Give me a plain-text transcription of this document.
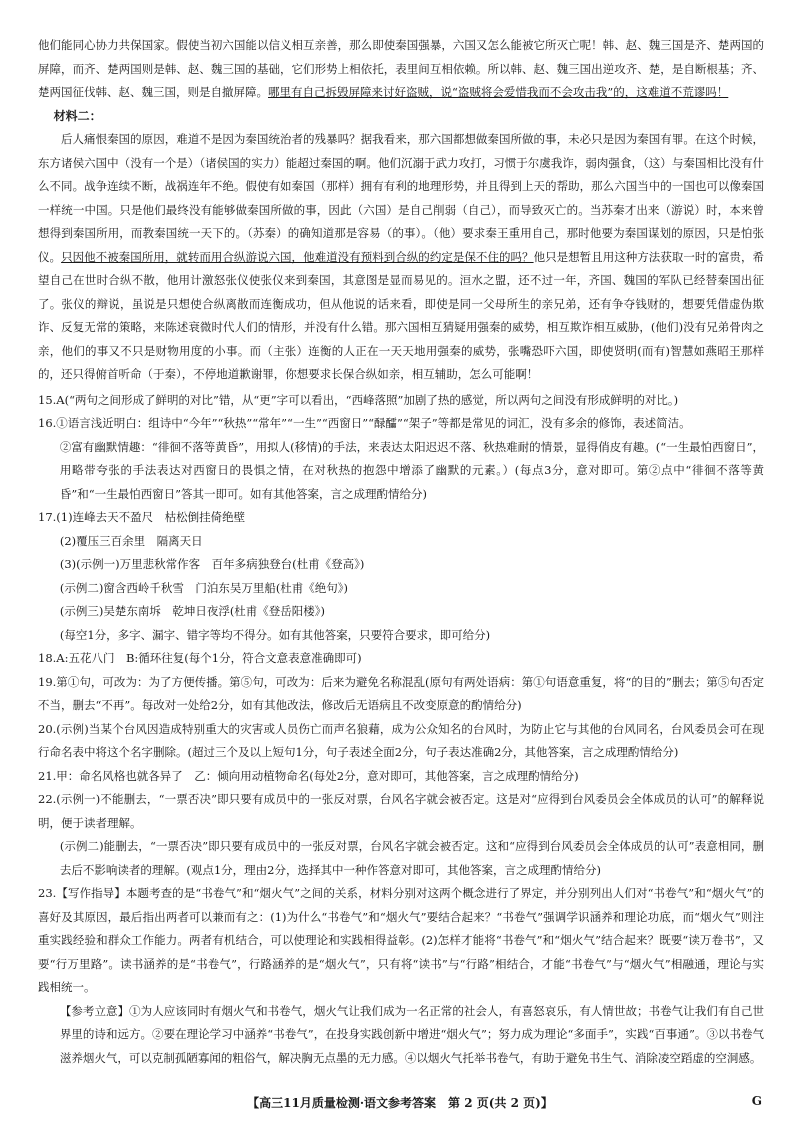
他们能同心协力共保国家。假使当初六国能以信义相互亲善，那么即使秦国强暴，六国又怎么能被它所灭亡呢！韩、赵、魏三国是齐、楚两国的屏障，而齐、楚两国则是韩、赵、魏三国的基础，它们形势上相依托，表里间互相依赖。所以韩、赵、魏三国出逆攻齐、楚，是自断根基；齐、楚两国征伐韩、赵、魏三国，则是自撤屏障。哪里有自己拆毁屏障来讨好盗贼，说“盗贼将会爱惜我而不会攻击我”的，这难道不荒谬吗！

材料二：

后人痛恨秦国的原因，难道不是因为秦国统治者的残暴吗？据我看来，那六国都想做秦国所做的事，未必只是因为秦国有罪。在这个时候，东方诸侯六国中（没有一个是）（诸侯国的实力）能超过秦国的啊。他们沉溺于武力攻打，习惯于尔虞我诈，弱肉强食，（这）与秦国相比没有什么不同。战争连续不断，战祸连年不绝。假使有如秦国（那样）拥有有利的地理形势，并且得到上天的帮助，那么六国当中的一国也可以像秦国一样统一中国。只是他们最终没有能够做秦国所做的事，因此（六国）是自己削弱（自己），而导致灭亡的。当苏秦才出来（游说）时，本来曾想得到秦国所用，而教秦国统一天下的。（苏秦）的确知道那是容易（的事）。（他）要求秦王重用自己，那时他要为秦国谋划的原因，只是怕张仪。只因他不被秦国所用，就转而用合纵游说六国，他难道没有预料到合纵的约定是保不住的吗？他只是想暂且用这种方法获取一时的富贵，希望自己在世时合纵不散，他用计激怒张仪使张仪来到秦国，其意图是显而易见的。洹水之盟，还不过一年，齐国、魏国的军队已经替秦国出征了。张仪的辩说，虽说是只想使合纵离散而连衡成功，但从他说的话来看，即使是同一父母所生的亲兄弟，还有争夺钱财的，想要凭借虚伪欺诈、反复无常的策略，来陈述衰微时代人们的情形，并没有什么错。那六国相互猜疑用强秦的威势，相互欺诈相互威胁，(他们)没有兄弟骨肉之亲，他们的事又不只是财物用度的小事。而（主张）连衡的人正在一天天地用强秦的威势，张嘴恐吓六国，即使贤明(而有)智慧如燕昭王那样的，还只得俯首听命（于秦），不停地道歉谢罪，你想要求长保合纵如亲，相互辅助，怎么可能啊！

15.A(“两句之间形成了鲜明的对比”错，从“更”字可以看出，“西峰落照”加剧了热的感觉，所以两句之间没有形成鲜明的对比。)

16.①语言浅近明白：组诗中“今年”“秋热”“常年”“一生”“西窗日”“醁醽”“架子”等都是常见的词汇，没有多余的修饰，表述简洁。

②富有幽默情趣：“徘徊不落等黄昏”，用拟人(移情)的手法，来表达太阳迟迟不落、秋热难耐的情景，显得俏皮有趣。(“一生最怕西窗日”，用略带夸张的手法表达对西窗日的畏惧之情，在对秋热的抱怨中增添了幽默的元素。）(每点3分，意对即可。第②点中“徘徊不落等黄昏”和“一生最怕西窗日”答其一即可。如有其他答案，言之成理酌情给分)

17.(1)连峰去天不盈尺　枯松倒挂倚绝壁

(2)覆压三百余里　隔离天日

(3)(示例一)万里悲秋常作客　百年多病独登台(杜甫《登高》)

(示例二)窗含西岭千秋雪　门泊东吴万里船(杜甫《绝句》)

(示例三)吴楚东南坼　乾坤日夜浮(杜甫《登岳阳楼》)

(每空1分，多字、漏字、错字等均不得分。如有其他答案，只要符合要求，即可给分)

18.A:五花八门　B:循环往复(每个1分，符合文意表意准确即可)

19.第①句，可改为：为了方便传播。第⑤句，可改为：后来为避免名称混乱(原句有两处语病：第①句语意重复，将“的目的”删去；第⑤句否定不当，删去“不再”。每改对一处给2分，如有其他改法，修改后无语病且不改变原意的酌情给分)

20.(示例)当某个台风因造成特别重大的灾害或人员伤亡而声名狼藉，成为公众知名的台风时，为防止它与其他的台风同名，台风委员会可在现行命名表中将这个名字删除。(超过三个及以上短句1分，句子表述全面2分，句子表达准确2分，其他答案，言之成理酌情给分)

21.甲：命名风格也就各异了　乙：倾向用动植物命名(每处2分，意对即可，其他答案，言之成理酌情给分)

22.(示例一)不能删去，“一票否决”即只要有成员中的一张反对票，台风名字就会被否定。这是对“应得到台风委员会全体成员的认可”的解释说明，便于读者理解。

(示例二)能删去，“一票否决”即只要有成员中的一张反对票，台风名字就会被否定。这和“应得到台风委员会全体成员的认可”表意相同，删去后不影响读者的理解。(观点1分，理由2分，选择其中一种作答意对即可，其他答案，言之成理酌情给分)

23.【写作指导】本题考查的是“书卷气”和“烟火气”之间的关系，材料分别对这两个概念进行了界定，并分别列出人们对“书卷气”和“烟火气”的喜好及其原因，最后指出两者可以兼而有之：(1)为什么“书卷气”和“烟火气”要结合起来？“书卷气”强调学识涵养和理论功底，而“烟火气”则注重实践经验和群众工作能力。两者有机结合，可以使理论和实践相得益彰。(2)怎样才能将“书卷气”和“烟火气”结合起来？既要“读万卷书”，又要“行万里路”。读书涵养的是“书卷气”，行路涵养的是“烟火气”，只有将“读书”与“行路”相结合，才能“书卷气”与“烟火气”相融通，理论与实践相统一。

【参考立意】①为人应该同时有烟火气和书卷气，烟火气让我们成为一名正常的社会人，有喜怒哀乐，有人情世故；书卷气让我们有自己世界里的诗和远方。②要在理论学习中涵养“书卷气”，在投身实践创新中增进“烟火气”；努力成为理论“多面手”，实践“百事通”。③以书卷气滋养烟火气，可以克制孤陋寡闻的粗俗气，解决胸无点墨的无力感。④以烟火气托举书卷气，有助于避免书生气、消除凌空蹈虚的空洞感。

【高三11月质量检测·语文参考答案　第 2 页(共 2 页)】	G
